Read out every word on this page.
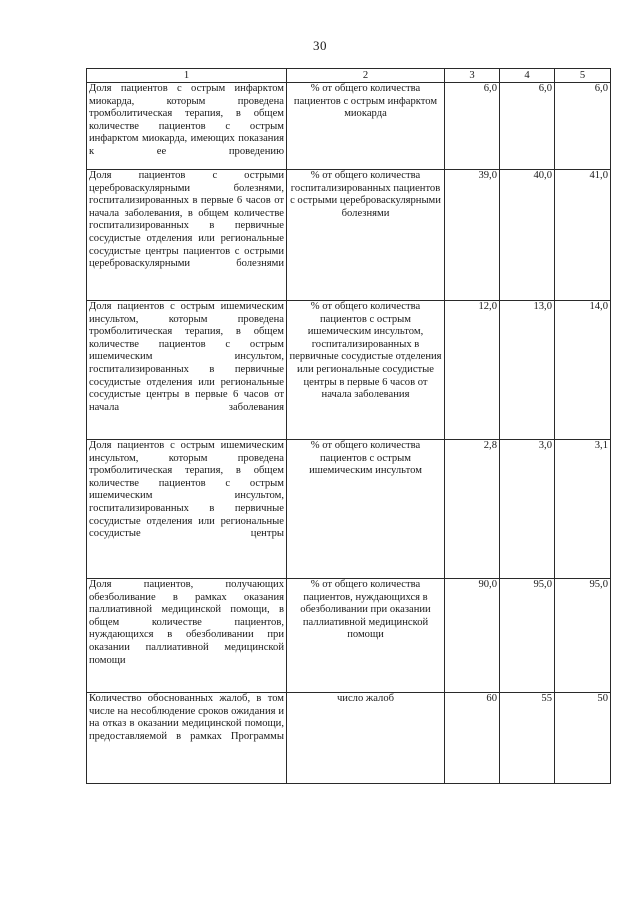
30
1	2	3	4	5
Доля пациентов с острым инфарктом миокарда, которым проведена тромболитическая терапия, в общем количестве пациентов с острым инфарктом миокарда, имеющих показания к ее проведению	% от общего количества пациентов с острым инфарктом миокарда	6,0	6,0	6,0
Доля пациентов с острыми цереброваскулярными болезнями, госпитализированных в первые 6 часов от начала заболевания, в общем количестве госпитализированных в первичные сосудистые отделения или региональные сосудистые центры пациентов с острыми цереброваскулярными болезнями	% от общего количества госпитализированных пациентов с острыми цереброваскулярными болезнями	39,0	40,0	41,0
Доля пациентов с острым ишемическим инсультом, которым проведена тромболитическая терапия, в общем количестве пациентов с острым ишемическим инсультом, госпитализированных в первичные сосудистые отделения или региональные сосудистые центры в первые 6 часов от начала заболевания	% от общего количества пациентов с острым ишемическим инсультом, госпитализированных в первичные сосудистые отделения или региональные сосудистые центры в первые 6 часов от начала заболевания	12,0	13,0	14,0
Доля пациентов с острым ишемическим инсультом, которым проведена тромболитическая терапия, в общем количестве пациентов с острым ишемическим инсультом, госпитализированных в первичные сосудистые отделения или региональные сосудистые центры	% от общего количества пациентов с острым ишемическим инсультом	2,8	3,0	3,1
Доля пациентов, получающих обезболивание в рамках оказания паллиативной медицинской помощи, в общем количестве пациентов, нуждающихся в обезболивании при оказании паллиативной медицинской помощи	% от общего количества пациентов, нуждающихся в обезболивании при оказании паллиативной медицинской помощи	90,0	95,0	95,0
Количество обоснованных жалоб, в том числе на несоблюдение сроков ожидания и на отказ в оказании медицинской помощи, предоставляемой в рамках Программы	число жалоб	60	55	50
